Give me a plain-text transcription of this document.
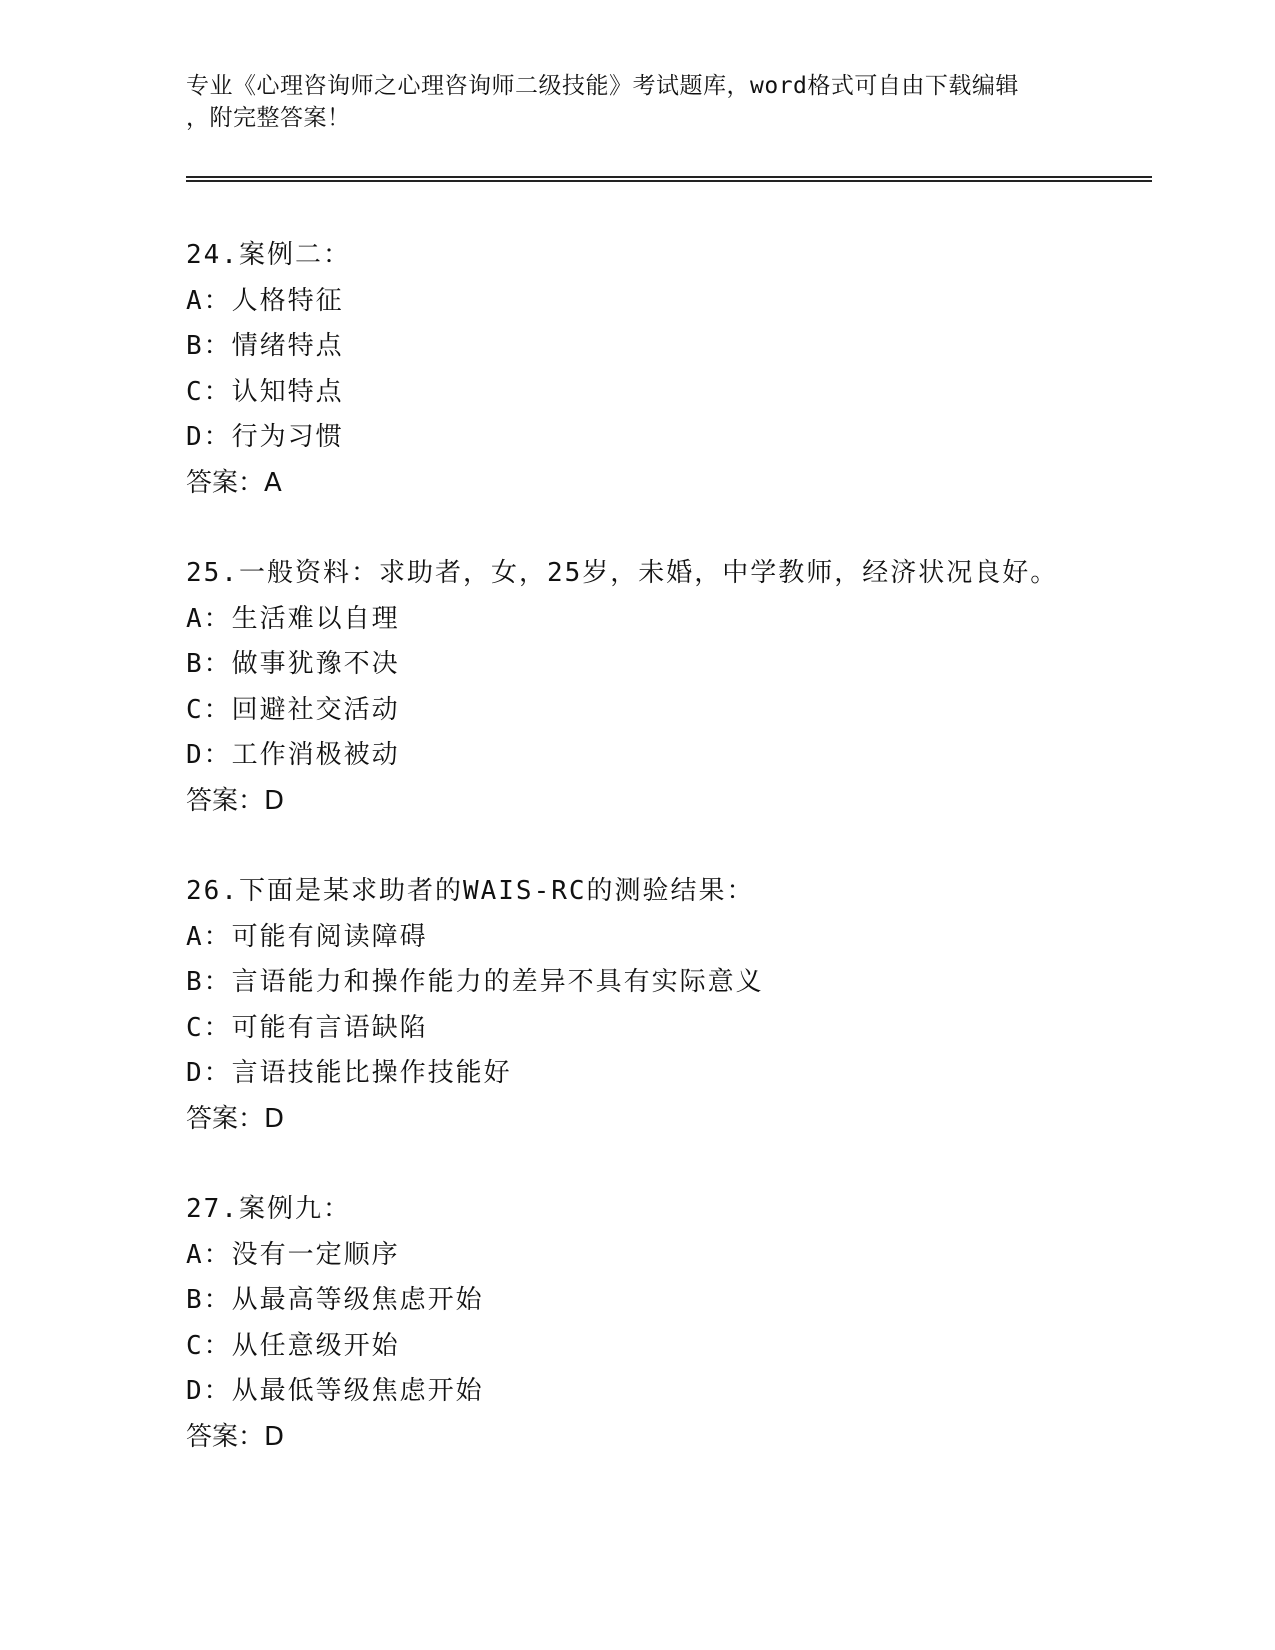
专业《心理咨询师之心理咨询师二级技能》考试题库，word格式可自由下载编辑
，附完整答案！
24.案例二：
A：人格特征
B：情绪特点
C：认知特点
D：行为习惯
答案：A
25.一般资料：求助者，女，25岁，未婚，中学教师，经济状况良好。
A：生活难以自理
B：做事犹豫不决
C：回避社交活动
D：工作消极被动
答案：D
26.下面是某求助者的WAIS-RC的测验结果：
A：可能有阅读障碍
B：言语能力和操作能力的差异不具有实际意义
C：可能有言语缺陷
D：言语技能比操作技能好
答案：D
27.案例九：
A：没有一定顺序
B：从最高等级焦虑开始
C：从任意级开始
D：从最低等级焦虑开始
答案：D
